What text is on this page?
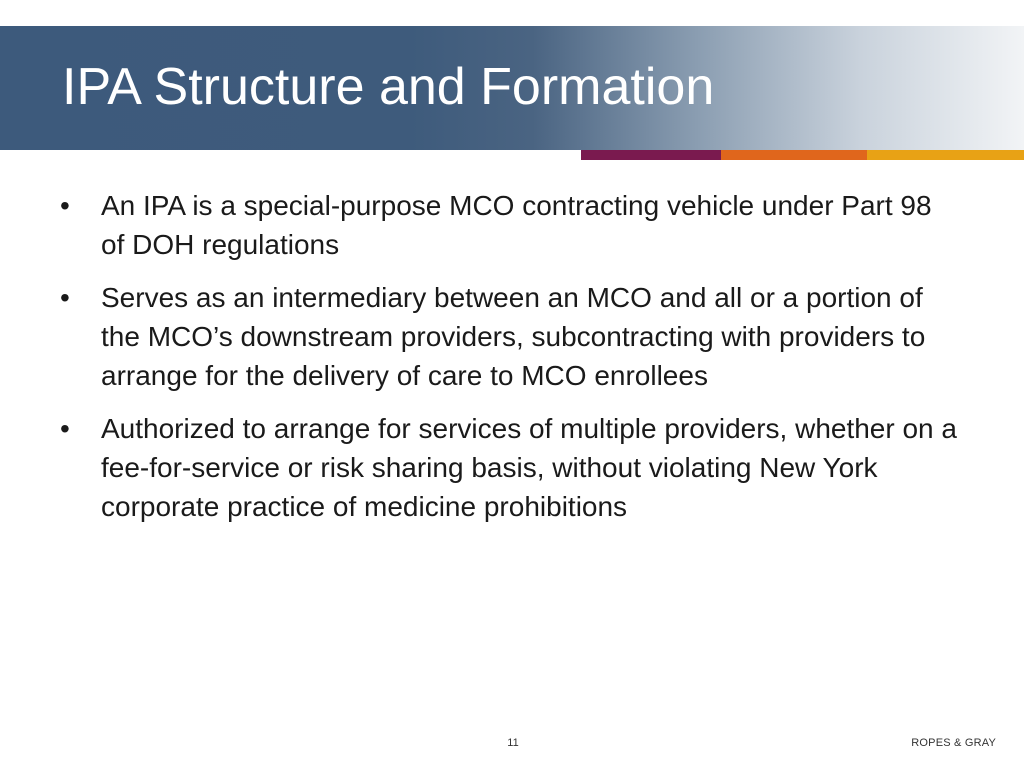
IPA Structure and Formation
•	An IPA is a special-purpose MCO contracting vehicle under Part 98 of DOH regulations
•	Serves as an intermediary between an MCO and all or a portion of the MCO’s downstream providers, subcontracting with providers to arrange for the delivery of care to MCO enrollees
•	Authorized to arrange for services of multiple providers, whether on a fee-for-service or risk sharing basis, without violating New York corporate practice of medicine prohibitions
11	ROPES & GRAY
